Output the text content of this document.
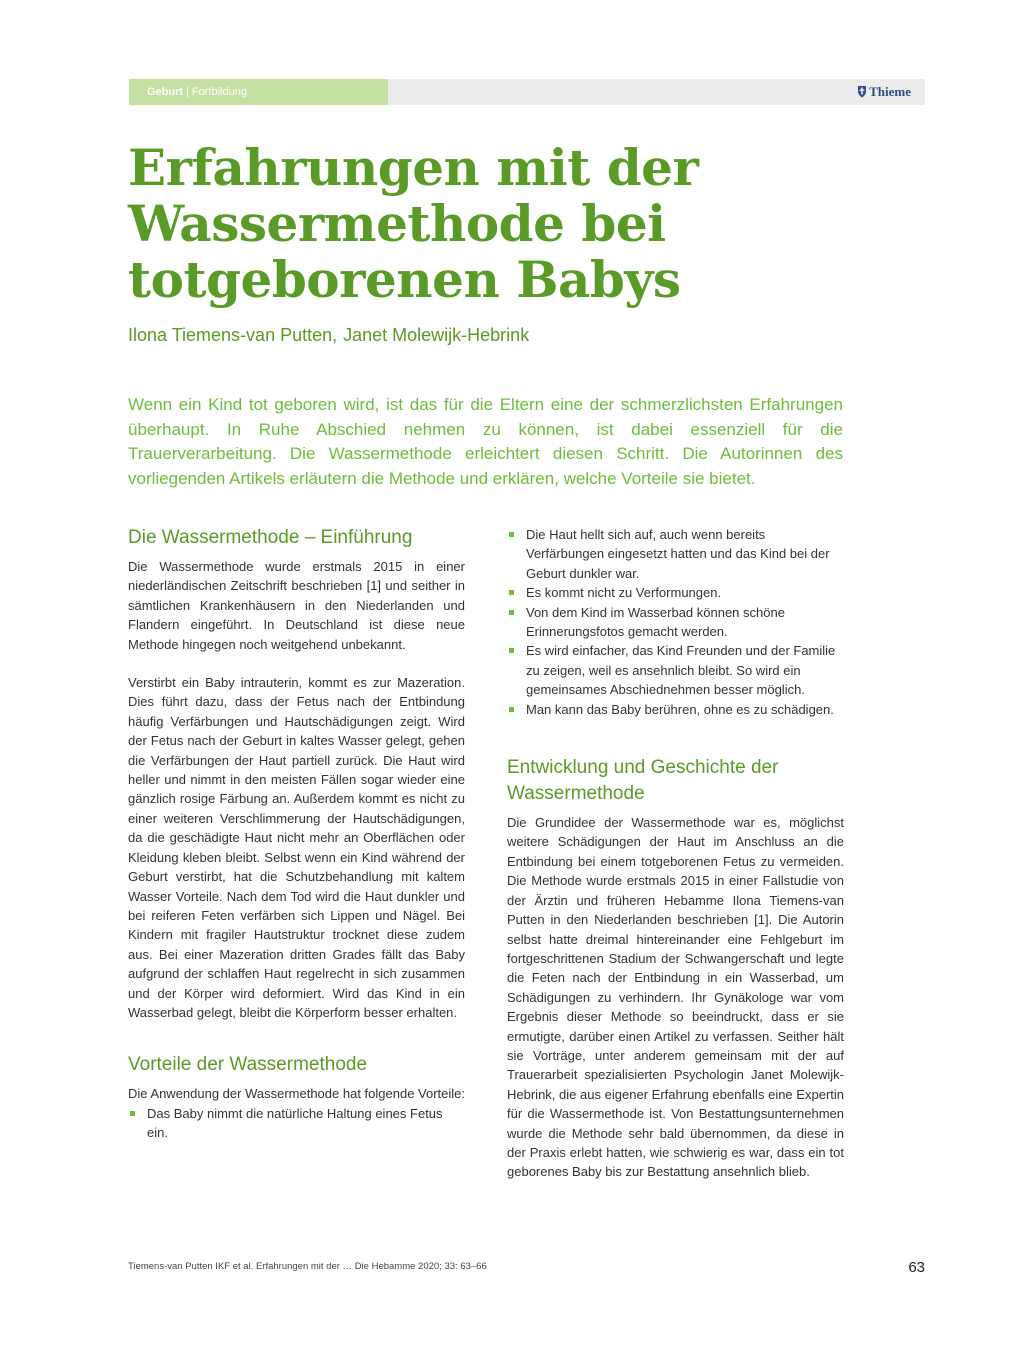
Geburt | Fortbildung	Thieme
Erfahrungen mit der
Wassermethode bei
totgeborenen Babys
Ilona Tiemens-van Putten, Janet Molewijk-Hebrink

Wenn ein Kind tot geboren wird, ist das für die Eltern eine der schmerzlichsten Erfahrungen überhaupt. In Ruhe Abschied nehmen zu können, ist dabei essenziell für die Trauerverarbeitung. Die Wassermethode erleichtert diesen Schritt. Die Autorinnen des vorliegenden Artikels erläutern die Methode und erklären, welche Vorteile sie bietet.

Die Wassermethode – Einführung

Die Wassermethode wurde erstmals 2015 in einer niederländischen Zeitschrift beschrieben [1] und seither in sämtlichen Krankenhäusern in den Niederlanden und Flandern eingeführt. In Deutschland ist diese neue Methode hingegen noch weitgehend unbekannt.

Verstirbt ein Baby intrauterin, kommt es zur Mazeration. Dies führt dazu, dass der Fetus nach der Entbindung häufig Verfärbungen und Hautschädigungen zeigt. Wird der Fetus nach der Geburt in kaltes Wasser gelegt, gehen die Verfärbungen der Haut partiell zurück. Die Haut wird heller und nimmt in den meisten Fällen sogar wieder eine gänzlich rosige Färbung an. Außerdem kommt es nicht zu einer weiteren Verschlimmerung der Hautschädigungen, da die geschädigte Haut nicht mehr an Oberflächen oder Kleidung kleben bleibt. Selbst wenn ein Kind während der Geburt verstirbt, hat die Schutzbehandlung mit kaltem Wasser Vorteile. Nach dem Tod wird die Haut dunkler und bei reiferen Feten verfärben sich Lippen und Nägel. Bei Kindern mit fragiler Hautstruktur trocknet diese zudem aus. Bei einer Mazeration dritten Grades fällt das Baby aufgrund der schlaffen Haut regelrecht in sich zusammen und der Körper wird deformiert. Wird das Kind in ein Wasserbad gelegt, bleibt die Körperform besser erhalten.

Vorteile der Wassermethode

Die Anwendung der Wassermethode hat folgende Vorteile:

Das Baby nimmt die natürliche Haltung eines Fetus ein.
Die Haut hellt sich auf, auch wenn bereits Verfärbungen eingesetzt hatten und das Kind bei der Geburt dunkler war.
Es kommt nicht zu Verformungen.
Von dem Kind im Wasserbad können schöne Erinnerungsfotos gemacht werden.
Es wird einfacher, das Kind Freunden und der Familie zu zeigen, weil es ansehnlich bleibt. So wird ein gemeinsames Abschiednehmen besser möglich.
Man kann das Baby berühren, ohne es zu schädigen.
Entwicklung und Geschichte der Wassermethode

Die Grundidee der Wassermethode war es, möglichst weitere Schädigungen der Haut im Anschluss an die Entbindung bei einem totgeborenen Fetus zu vermeiden. Die Methode wurde erstmals 2015 in einer Fallstudie von der Ärztin und früheren Hebamme Ilona Tiemens-van Putten in den Niederlanden beschrieben [1]. Die Autorin selbst hatte dreimal hintereinander eine Fehlgeburt im fortgeschrittenen Stadium der Schwangerschaft und legte die Feten nach der Entbindung in ein Wasserbad, um Schädigungen zu verhindern. Ihr Gynäkologe war vom Ergebnis dieser Methode so beeindruckt, dass er sie ermutigte, darüber einen Artikel zu verfassen. Seither hält sie Vorträge, unter anderem gemeinsam mit der auf Trauerarbeit spezialisierten Psychologin Janet Molewijk-Hebrink, die aus eigener Erfahrung ebenfalls eine Expertin für die Wassermethode ist. Von Bestattungsunternehmen wurde die Methode sehr bald übernommen, da diese in der Praxis erlebt hatten, wie schwierig es war, dass ein tot geborenes Baby bis zur Bestattung ansehnlich blieb.

Tiemens-van Putten IKF et al. Erfahrungen mit der … Die Hebamme 2020; 33: 63–66	63
